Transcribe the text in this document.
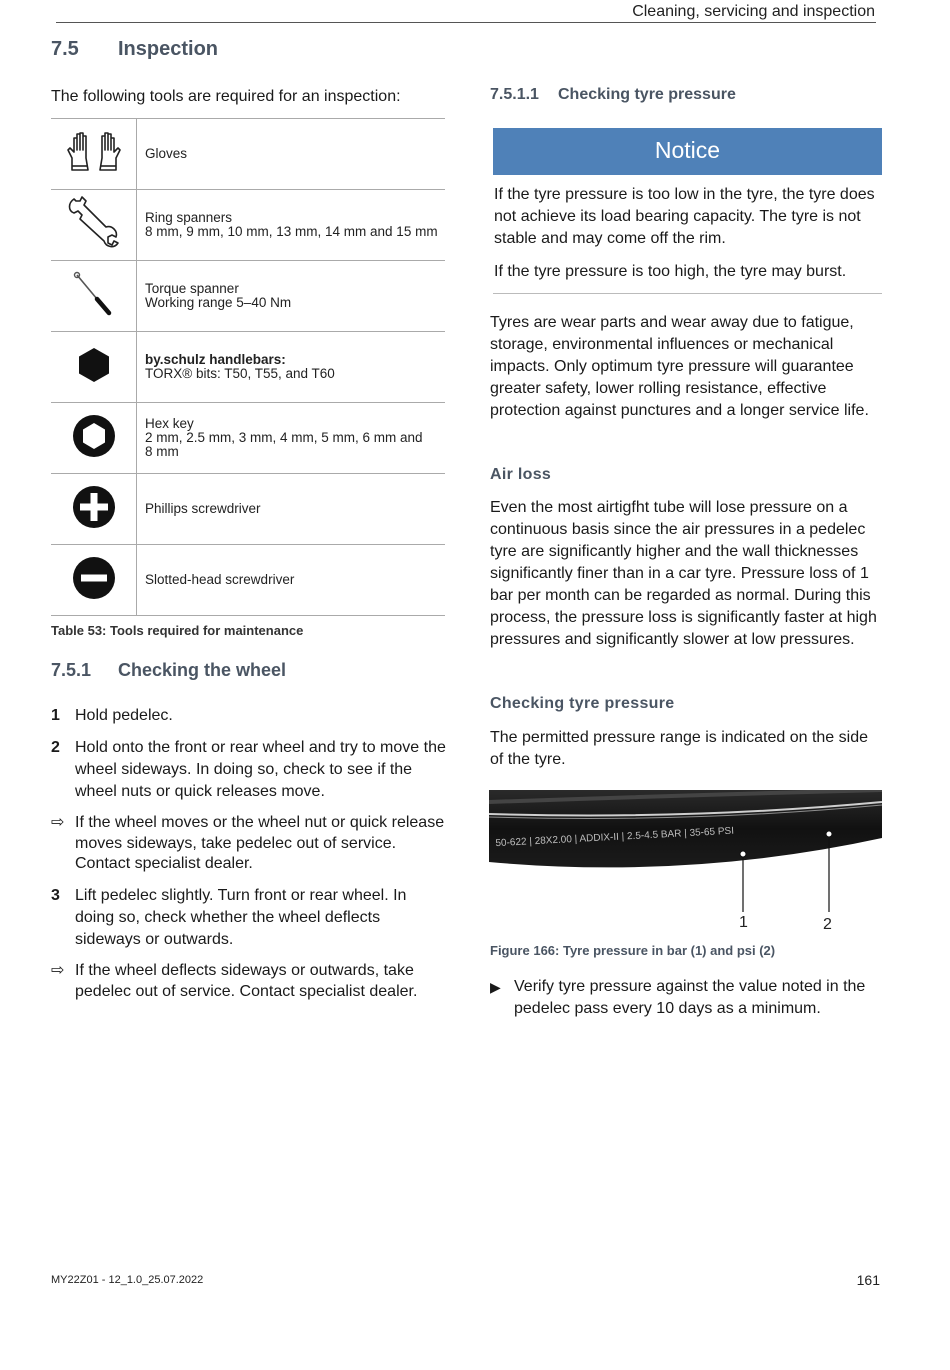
Cleaning, servicing and inspection
7.5 Inspection
The following tools are required for an inspection:

Gloves

Ring spanners
8 mm, 9 mm, 10 mm, 13 mm, 14 mm and 15 mm

Torque spanner
Working range 5–40 Nm

by.schulz handlebars:
TORX® bits: T50, T55, and T60

Hex key
2 mm, 2.5 mm, 3 mm, 4 mm, 5 mm, 6 mm and
8 mm

Phillips screwdriver

Slotted-head screwdriver
Table 53: Tools required for maintenance
7.5.1 Checking the wheel
1 Hold pedelec.
2 Hold onto the front or rear wheel and try to move the wheel sideways. In doing so, check to see if the wheel nuts or quick releases move.
⇨ If the wheel moves or the wheel nut or quick release moves sideways, take pedelec out of service. Contact specialist dealer.
3 Lift pedelec slightly. Turn front or rear wheel. In doing so, check whether the wheel deflects sideways or outwards.
⇨ If the wheel deflects sideways or outwards, take pedelec out of service. Contact specialist dealer.
7.5.1.1 Checking tyre pressure
Notice
If the tyre pressure is too low in the tyre, the tyre does not achieve its load bearing capacity. The tyre is not stable and may come off the rim.
If the tyre pressure is too high, the tyre may burst.
Tyres are wear parts and wear away due to fatigue, storage, environmental influences or mechanical impacts. Only optimum tyre pressure will guarantee greater safety, lower rolling resistance, effective protection against punctures and a longer service life.
Air loss
Even the most airtigfht tube will lose pressure on a continuous basis since the air pressures in a pedelec tyre are significantly higher and the wall thicknesses significantly finer than in a car tyre. Pressure loss of 1 bar per month can be regarded as normal. During this process, the pressure loss is significantly faster at high pressures and significantly slower at low pressures.
Checking tyre pressure
The permitted pressure range is indicated on the side of the tyre.
50-622 | 28X2.00 | ADDIX-II | 2.5-4.5 BAR | 35-65 PSI
1	2
Figure 166: Tyre pressure in bar (1) and psi (2)
▶ Verify tyre pressure against the value noted in the pedelec pass every 10 days as a minimum.
MY22Z01 - 12_1.0_25.07.2022	161
